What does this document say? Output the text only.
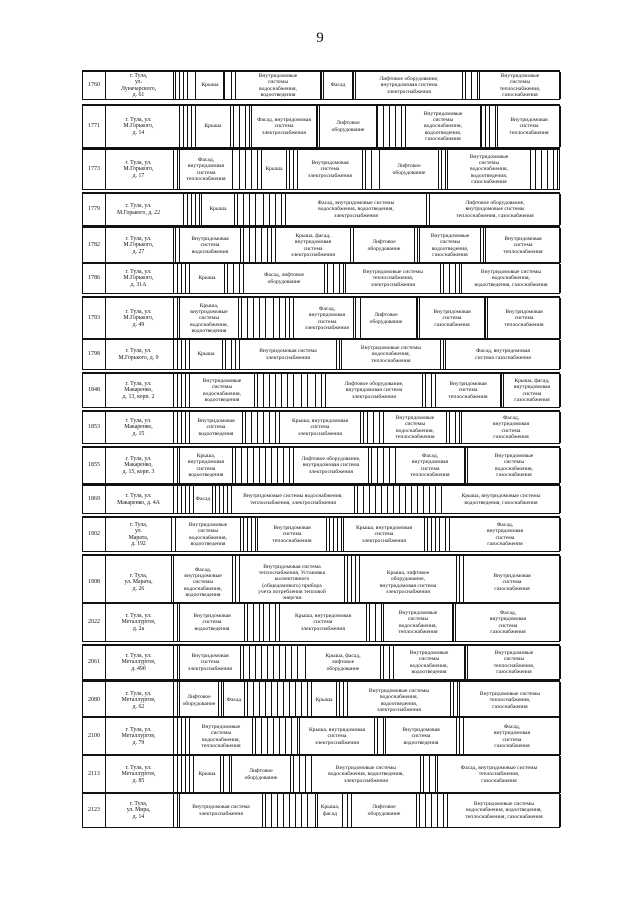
9
1760
г. Тула,
ул.
Луначарского,
д. 61
Крыша
Внутридомовые
системы
водоснабжения,
водоотведения
Фасад
Лифтовое оборудование,
внутридомовая система
электроснабжения
Внутридомовые
системы
теплоснабжения,
газоснабжения
1771
г. Тула, ул.
М.Горького,
д. 14
Крыша
Фасад, внутридомовая
система
электроснабжения
Лифтовое
оборудование
Внутридомовые
системы
водоснабжения,
водоотведения,
газоснабжения
Внутридомовая
система
теплоснабжения
1773
г. Тула, ул.
М.Горького,
д. 17
Фасад,
внутридомовая
система
теплоснабжения
Крыша
Внутридомовая
система
электроснабжения
Лифтовое
оборудование
Внутридомовые
системы
водоснабжения,
водоотведения,
газоснабжения
1779
г. Тула, ул.
М.Горького, д. 22
Крыша
Фасад, внутридомовые системы
водоснабжения, водоотведения,
электроснабжения
Лифтовое оборудование,
внутридомовые системы
теплоснабжения, газоснабжения
1782
г. Тула, ул.
М.Горького,
д. 27
Внутридомовая
система
водоснабжения
Крыша, фасад,
внутридомовая
система
электроснабжения
Лифтовое
оборудование
Внутридомовые
системы
водоотведения,
газоснабжения
Внутридомовая
система
теплоснабжения
1786
г. Тула, ул.
М.Горького,
д. 31А
Крыша
Фасад, лифтовое
оборудование
Внутридомовые системы
теплоснабжения,
электроснабжения
Внутридомовые системы
водоснабжения,
водоотведения, газоснабжения
1793
г. Тула, ул.
М.Горького,
д. 49
Крыша,
внутридомовые
системы
водоснабжения,
водоотведения
Фасад,
внутридомовая
система
электроснабжения
Лифтовое
оборудование
Внутридомовая
система
газоснабжения
Внутридомовая
система
теплоснабжения
1798
г. Тула, ул.
М.Горького, д. 9
Крыша
Внутридомовая система
электроснабжения
Внутридомовые системы
водоснабжения,
теплоснабжения
Фасад, внутридомовая
система газоснабжения
1848
г. Тула, ул.
Макаренко,
д. 13, корп. 2
Внутридомовые
системы
водоснабжения,
водоотведения
Лифтовое оборудование,
внутридомовая система
электроснабжения
Внутридомовая
система
теплоснабжения
Крыша, фасад,
внутридомовая
система
газоснабжения
1853
г. Тула, ул.
Макаренко,
д. 15
Внутридомовая
система
водоотведения
Крыша, внутридомовая
система
электроснабжения
Внутридомовые
системы
водоснабжения,
теплоснабжения
Фасад,
внутридомовая
система
газоснабжения
1855
г. Тула, ул.
Макаренко,
д. 15, корп. 3
Крыша,
внутридомовая
система
водоотведения
Лифтовое оборудование,
внутридомовая система
электроснабжения
Фасад,
внутридомовая
система
теплоснабжения
Внутридомовые
системы
водоснабжения,
газоснабжения
1869
г. Тула, ул.
Макаренко, д. 4А
Фасад
Внутридомовые системы водоснабжения,
теплоснабжения, электроснабжения
Крыша, внутридомовые системы
водоотведения, газоснабжения
1902
г. Тула,
ул.
Марата,
д. 192
Внутридомовые
системы
водоснабжения,
водоотведения
Внутридомовая
система
теплоснабжения
Крыша, внутридомовая
система
электроснабжения
Фасад,
внутридомовая
система
газоснабжения
1908
г. Тула,
ул. Марата,
д. 26
Фасад,
внутридомовые
системы
водоснабжения,
водоотведения
Внутридомовая система
теплоснабжения, Установка
коллективного
(общедомового) прибора
учета потребления тепловой
энергии
Крыша, лифтовое
оборудование,
внутридомовая система
электроснабжения
Внутридомовая
система
газоснабжения
2022
г. Тула, ул.
Металлургов,
д. 2а
Внутридомовая
система
водоотведения
Крыша, внутридомовая
система
электроснабжения
Внутридомовые
системы
водоснабжения,
теплоснабжения
Фасад,
внутридомовая
система
газоснабжения
2061
г. Тула, ул.
Металлургов,
д. 49б
Внутридомовая
система
электроснабжения
Крыша, фасад,
лифтовое
оборудование
Внутридомовые
системы
водоснабжения,
водоотведения
Внутридомовые
системы
теплоснабжения,
газоснабжения
2080
г. Тула, ул.
Металлургов,
д. 62
Лифтовое
оборудование
Фасад	Крыша
Внутридомовые системы
водоснабжения,
водоотведения,
электроснабжения
Внутридомовые системы
теплоснабжения,
газоснабжения
2100
г. Тула, ул.
Металлургов,
д. 79
Внутридомовые
системы
водоснабжения,
теплоснабжения
Крыша, внутридомовая
система
электроснабжения
Внутридомовая
система
водоотведения
Фасад,
внутридомовая
система
газоснабжения
2113
г. Тула, ул.
Металлургов,
д. 85
Крыша
Лифтовое
оборудование
Внутридомовые системы
водоснабжения, водоотведения,
электроснабжения
Фасад, внутридомовые системы
теплоснабжения,
газоснабжения
2123
г. Тула,
ул. Мира,
д. 14
Внутридомовая система
электроснабжения
Крыша,
фасад
Лифтовое
оборудование
Внутридомовые системы
водоснабжения, водоотведения,
теплоснабжения, газоснабжения
